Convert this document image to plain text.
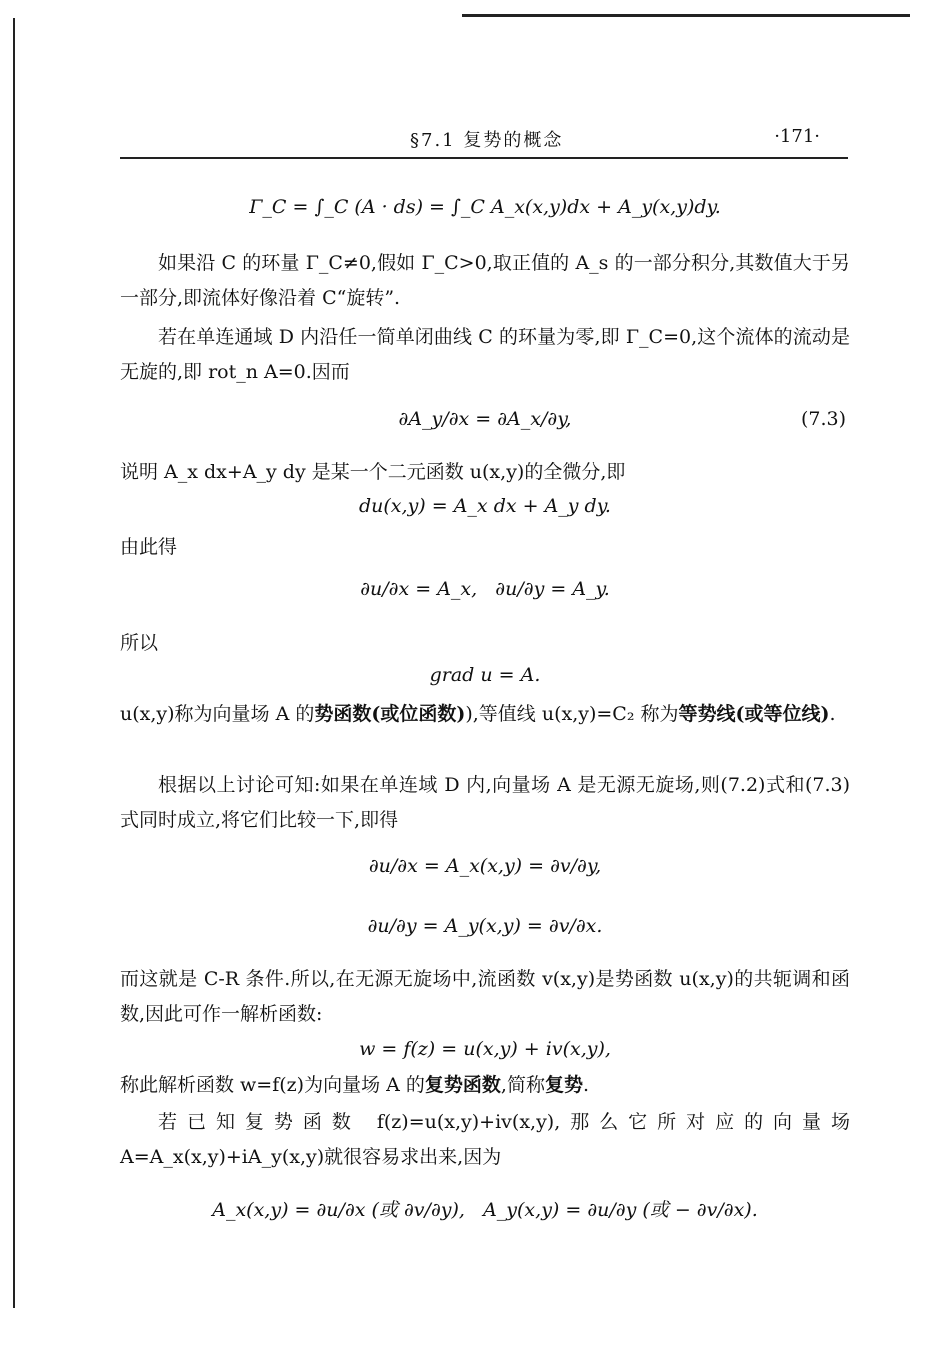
§7.1 复势的概念	·171·
Γ_C = ∫_C (A · ds) = ∫_C A_x(x,y)dx + A_y(x,y)dy.
如果沿 C 的环量 Γ_C≠0,假如 Γ_C>0,取正值的 A_s 的一部分积分,其数值大于另一部分,即流体好像沿着 C“旋转”.
若在单连通域 D 内沿任一简单闭曲线 C 的环量为零,即 Γ_C=0,这个流体的流动是无旋的,即 rot_n A=0.因而
∂A_y/∂x = ∂A_x/∂y,	(7.3)
说明 A_x dx+A_y dy 是某一个二元函数 u(x,y)的全微分,即
du(x,y) = A_x dx + A_y dy.
由此得
∂u/∂x = A_x,   ∂u/∂y = A_y.
所以
grad u = A.
u(x,y)称为向量场 A 的势函数(或位函数)),等值线 u(x,y)=C₂ 称为等势线(或等位线).
根据以上讨论可知:如果在单连域 D 内,向量场 A 是无源无旋场,则(7.2)式和(7.3)式同时成立,将它们比较一下,即得
∂u/∂x = A_x(x,y) = ∂v/∂y,
∂u/∂y = A_y(x,y) = ∂v/∂x.
而这就是 C-R 条件.所以,在无源无旋场中,流函数 v(x,y)是势函数 u(x,y)的共轭调和函数,因此可作一解析函数:
w = f(z) = u(x,y) + iv(x,y),
称此解析函数 w=f(z)为向量场 A 的复势函数,简称复势.
若已知复势函数 f(z)=u(x,y)+iv(x,y),那么它所对应的向量场 A=A_x(x,y)+iA_y(x,y)就很容易求出来,因为
A_x(x,y) = ∂u/∂x (或 ∂v/∂y),   A_y(x,y) = ∂u/∂y (或 − ∂v/∂x).
